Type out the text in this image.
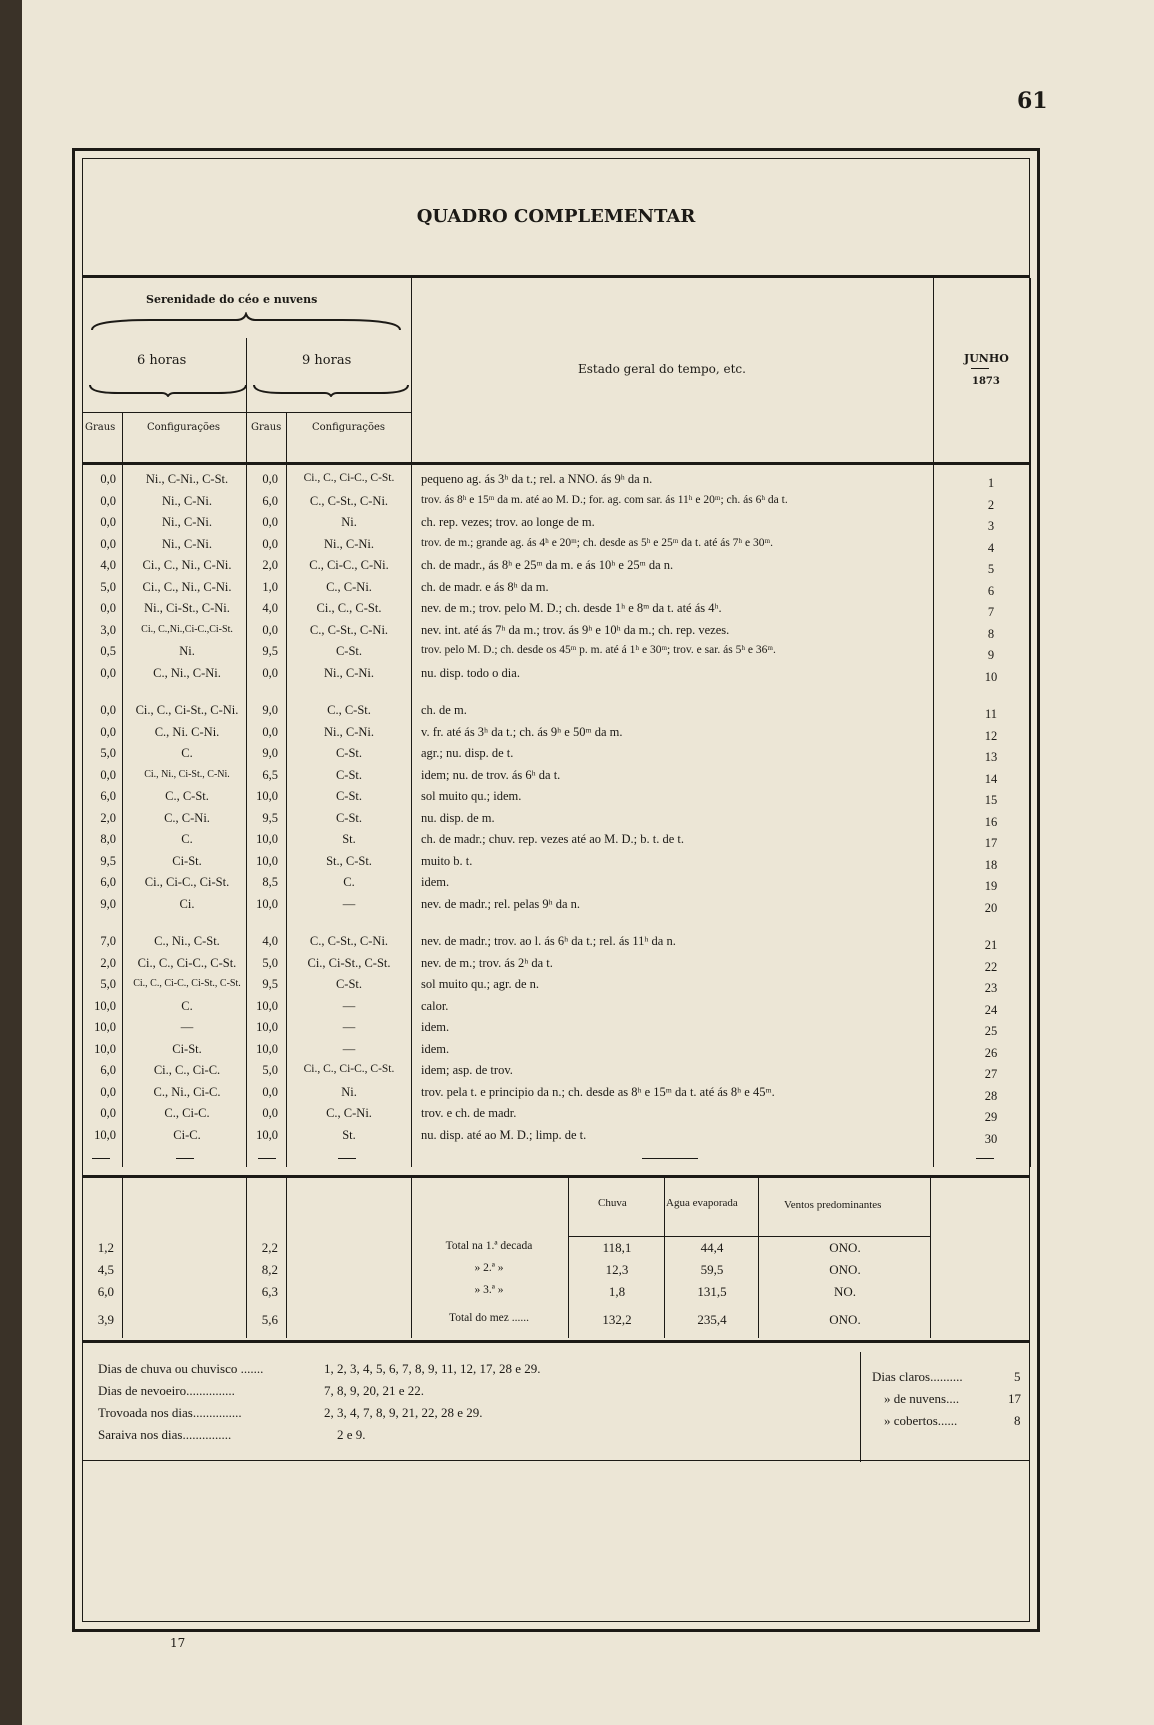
61
QUADRO COMPLEMENTAR
Serenidade do céo e nuvens
6 horas	9 horas
Graus	Configurações	Graus	Configurações
Estado geral do tempo, etc.
JUNHO
1873
0,0	Ni., C-Ni., C-St.	0,0	Ci., C., Ci-C., C-St.	pequeno ag. ás 3ʰ da t.; rel. a NNO. ás 9ʰ da n.	1
0,0	Ni., C-Ni.	6,0	C., C-St., C-Ni.	trov. ás 8ʰ e 15ᵐ da m. até ao M. D.; for. ag. com sar. ás 11ʰ e 20ᵐ; ch. ás 6ʰ da t.	2
0,0	Ni., C-Ni.	0,0	Ni.	ch. rep. vezes; trov. ao longe de m.	3
0,0	Ni., C-Ni.	0,0	Ni., C-Ni.	trov. de m.; grande ag. ás 4ʰ e 20ᵐ; ch. desde as 5ʰ e 25ᵐ da t. até ás 7ʰ e 30ᵐ.	4
4,0	Ci., C., Ni., C-Ni.	2,0	C., Ci-C., C-Ni.	ch. de madr., ás 8ʰ e 25ᵐ da m. e ás 10ʰ e 25ᵐ da n.	5
5,0	Ci., C., Ni., C-Ni.	1,0	C., C-Ni.	ch. de madr. e ás 8ʰ da m.	6
0,0	Ni., Ci-St., C-Ni.	4,0	Ci., C., C-St.	nev. de m.; trov. pelo M. D.; ch. desde 1ʰ e 8ᵐ da t. até ás 4ʰ.	7
3,0	Ci., C.,Ni.,Ci-C.,Ci-St.	0,0	C., C-St., C-Ni.	nev. int. até ás 7ʰ da m.; trov. ás 9ʰ e 10ʰ da m.; ch. rep. vezes.	8
0,5	Ni.	9,5	C-St.	trov. pelo M. D.; ch. desde os 45ᵐ p. m. até á 1ʰ e 30ᵐ; trov. e sar. ás 5ʰ e 36ᵐ.	9
0,0	C., Ni., C-Ni.	0,0	Ni., C-Ni.	nu. disp. todo o dia.	10
0,0	Ci., C., Ci-St., C-Ni.	9,0	C., C-St.	ch. de m.	11
0,0	C., Ni. C-Ni.	0,0	Ni., C-Ni.	v. fr. até ás 3ʰ da t.; ch. ás 9ʰ e 50ᵐ da m.	12
5,0	C.	9,0	C-St.	agr.; nu. disp. de t.	13
0,0	Ci., Ni., Ci-St., C-Ni.	6,5	C-St.	idem; nu. de trov. ás 6ʰ da t.	14
6,0	C., C-St.	10,0	C-St.	sol muito qu.; idem.	15
2,0	C., C-Ni.	9,5	C-St.	nu. disp. de m.	16
8,0	C.	10,0	St.	ch. de madr.; chuv. rep. vezes até ao M. D.; b. t. de t.	17
9,5	Ci-St.	10,0	St., C-St.	muito b. t.	18
6,0	Ci., Ci-C., Ci-St.	8,5	C.	idem.	19
9,0	Ci.	10,0	—	nev. de madr.; rel. pelas 9ʰ da n.	20
7,0	C., Ni., C-St.	4,0	C., C-St., C-Ni.	nev. de madr.; trov. ao l. ás 6ʰ da t.; rel. ás 11ʰ da n.	21
2,0	Ci., C., Ci-C., C-St.	5,0	Ci., Ci-St., C-St.	nev. de m.; trov. ás 2ʰ da t.	22
5,0	Ci., C., Ci-C., Ci-St., C-St.	9,5	C-St.	sol muito qu.; agr. de n.	23
10,0	C.	10,0	—	calor.	24
10,0	—	10,0	—	idem.	25
10,0	Ci-St.	10,0	—	idem.	26
6,0	Ci., C., Ci-C.	5,0	Ci., C., Ci-C., C-St.	idem; asp. de trov.	27
0,0	C., Ni., Ci-C.	0,0	Ni.	trov. pela t. e principio da n.; ch. desde as 8ʰ e 15ᵐ da t. até ás 8ʰ e 45ᵐ.	28
0,0	C., Ci-C.	0,0	C., C-Ni.	trov. e ch. de madr.	29
10,0	Ci-C.	10,0	St.	nu. disp. até ao M. D.; limp. de t.	30
Chuva	Agua evaporada	Ventos predominantes
1,2	2,2	Total na 1.ª decada	118,1	44,4	ONO.
4,5	8,2	» 2.ª »	12,3	59,5	ONO.
6,0	6,3	» 3.ª »	1,8	131,5	NO.
3,9	5,6	Total do mez ......	132,2	235,4	ONO.
Dias de chuva ou chuvisco .......	1, 2, 3, 4, 5, 6, 7, 8, 9, 11, 12, 17, 28 e 29.
Dias de nevoeiro...............	7, 8, 9, 20, 21 e 22.
Trovoada nos dias...............	2, 3, 4, 7, 8, 9, 21, 22, 28 e 29.
Saraiva nos dias...............	2 e 9.
Dias claros..........	5
» de nuvens....	17
» cobertos......	8
17
